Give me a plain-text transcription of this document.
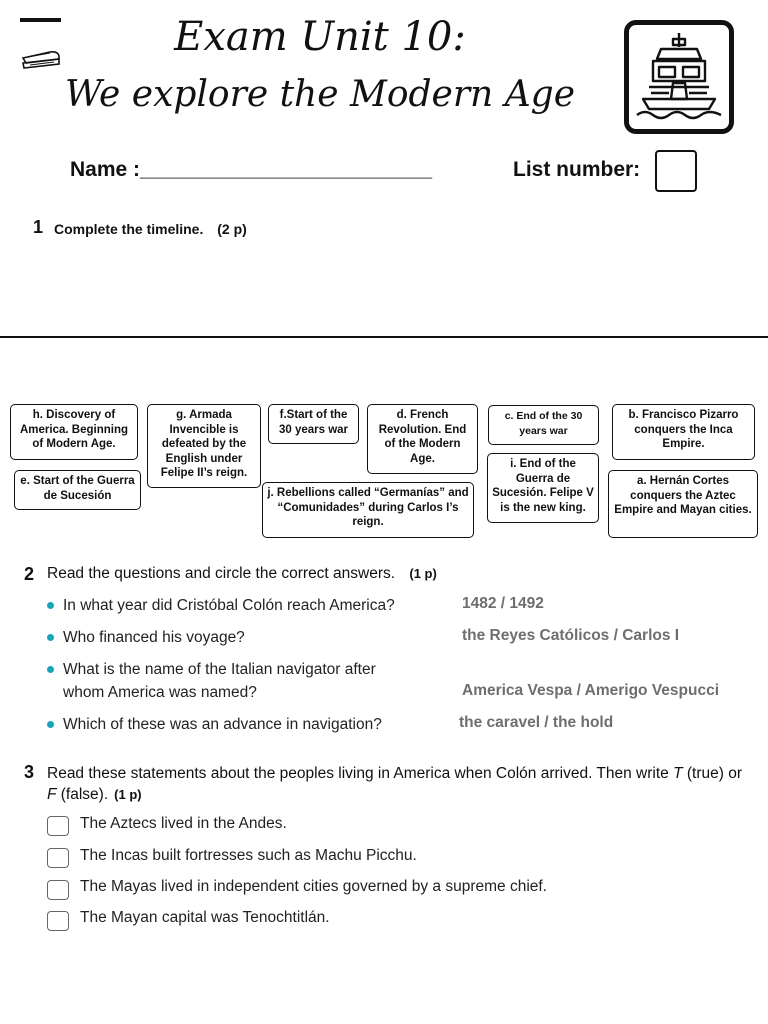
Exam Unit 10:
We explore the Modern Age
Name :_________________________	List number:
1 Complete the timeline. (2 p)
h. Discovery of America. Beginning of Modern Age.
g. Armada Invencible is defeated by the English under Felipe II’s reign.
f.Start of the 30 years war
d. French Revolution. End of the Modern Age.
c. End of the 30 years war
b. Francisco Pizarro conquers the Inca Empire.
e. Start of the Guerra de Sucesión	j. Rebellions called “Germanías” and “Comunidades” during Carlos I’s reign.
i. End of the Guerra de Sucesión. Felipe V is the new king.
a. Hernán Cortes conquers the Aztec Empire and Mayan cities.
2 Read the questions and circle the correct answers. (1 p)
In what year did Cristóbal Colón reach America?	1482 / 1492
Who financed his voyage?	the Reyes Católicos / Carlos I
What is the name of the Italian navigator after
whom America was named?	America Vespa / Amerigo Vespucci
Which of these was an advance in navigation?	the caravel / the hold
3 Read these statements about the peoples living in America when Colón arrived. Then write T (true) or F (false). (1 p)
The Aztecs lived in the Andes.
The Incas built fortresses such as Machu Picchu.
The Mayas lived in independent cities governed by a supreme chief.
The Mayan capital was Tenochtitlán.
